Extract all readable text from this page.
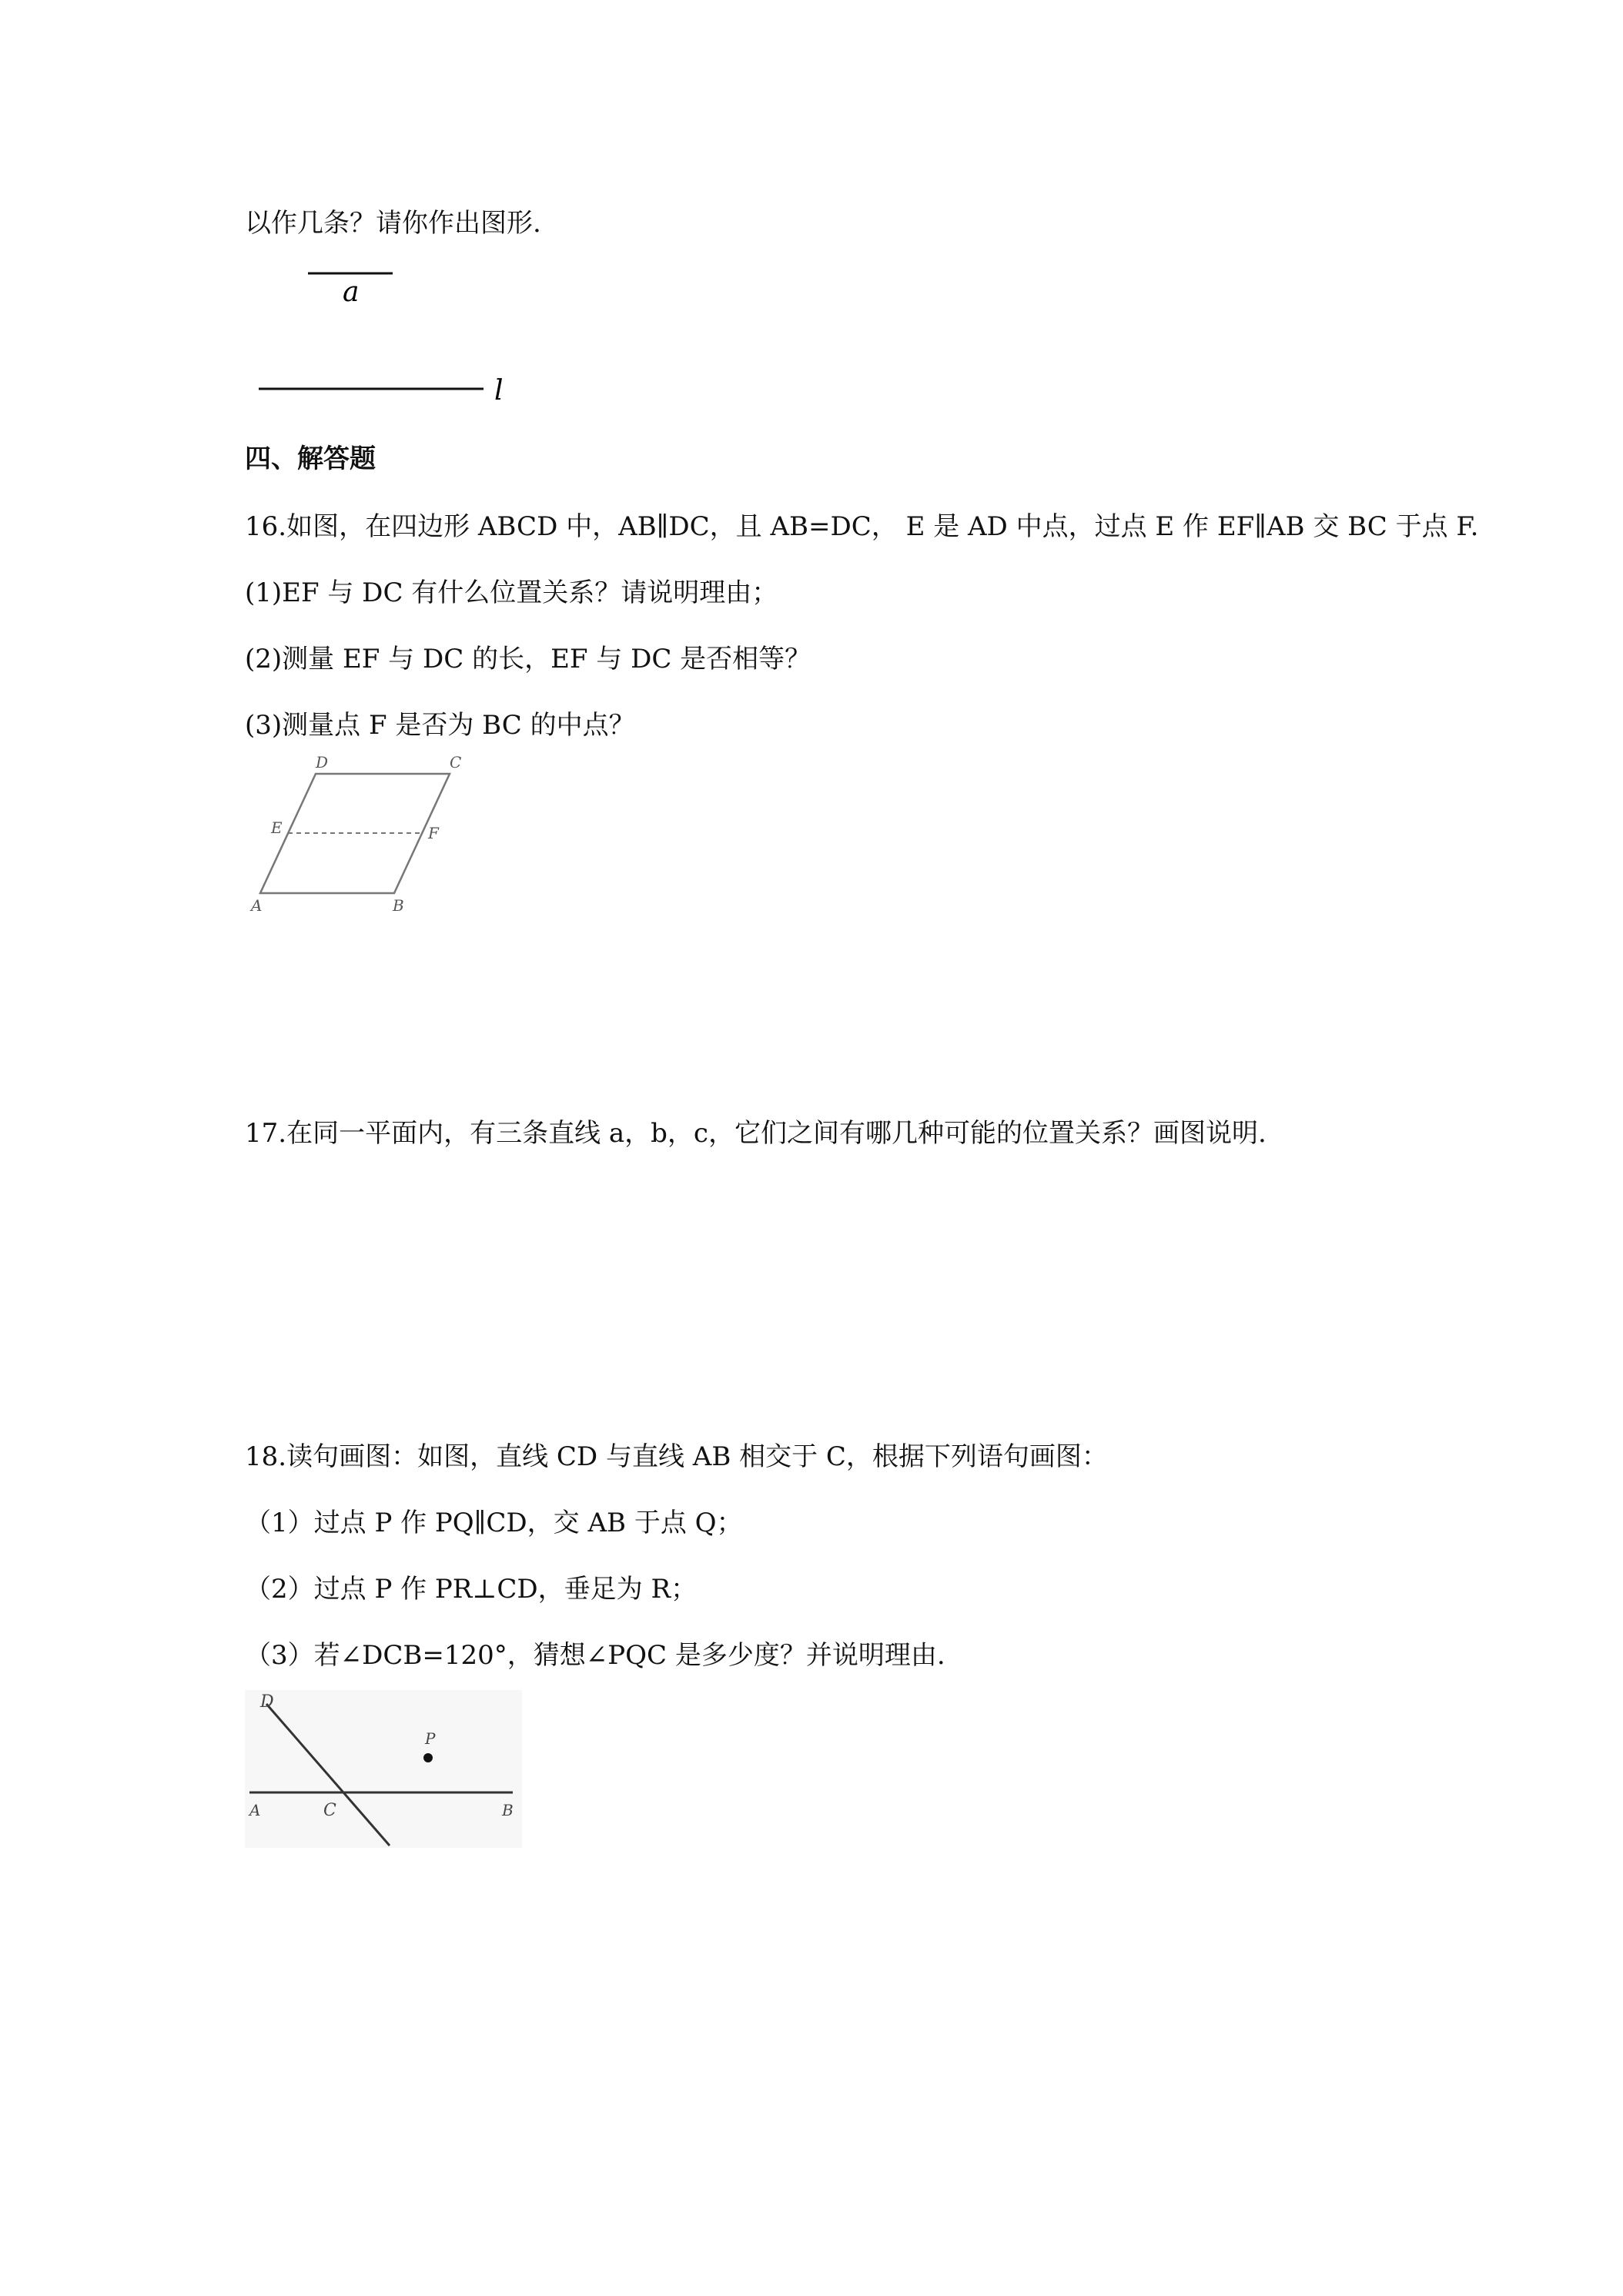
以作几条？请你作出图形.
a
l
四、解答题
16.如图，在四边形 ABCD 中，AB∥DC，且 AB=DC， E 是 AD 中点，过点 E 作 EF∥AB 交 BC 于点 F.
(1)EF 与 DC 有什么位置关系？请说明理由；
(2)测量 EF 与 DC 的长，EF 与 DC 是否相等？
(3)测量点 F 是否为 BC 的中点？
D	C
E	F
A	B
17.在同一平面内，有三条直线 a，b，c，它们之间有哪几种可能的位置关系？画图说明.
18.读句画图：如图，直线 CD 与直线 AB 相交于 C，根据下列语句画图：
（1）过点 P 作 PQ∥CD，交 AB 于点 Q；
（2）过点 P 作 PR⊥CD，垂足为 R；
（3）若∠DCB=120°，猜想∠PQC 是多少度？并说明理由.
D
P
A	C	B
